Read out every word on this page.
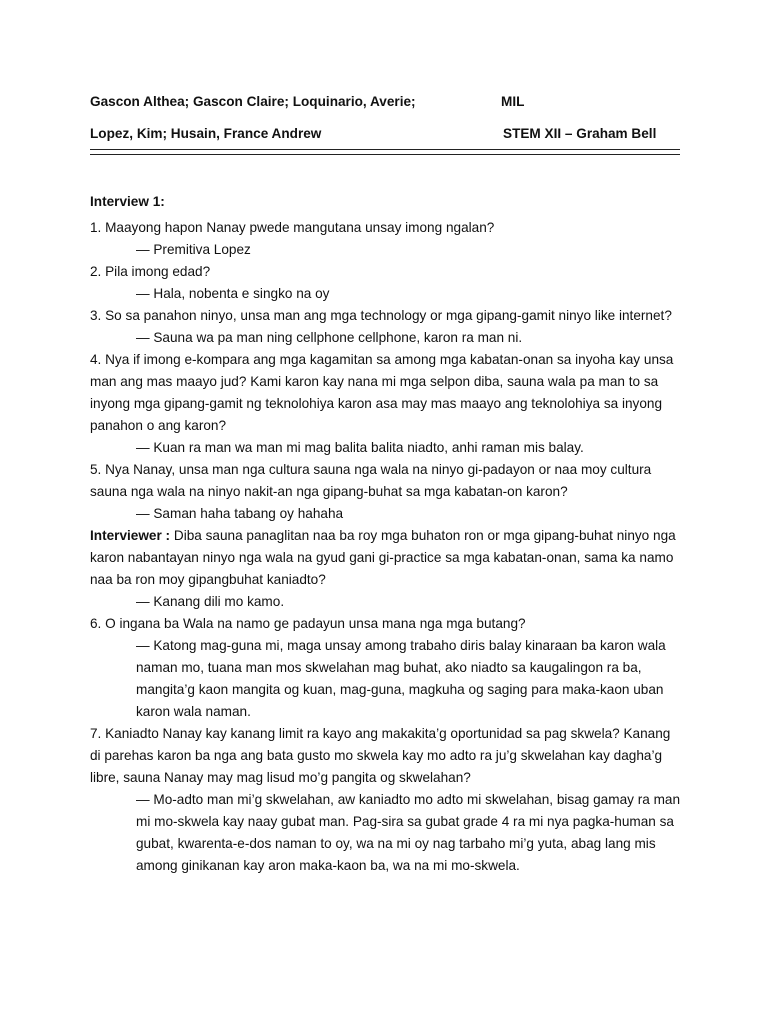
Gascon Althea; Gascon Claire; Loquinario, Averie;	MIL
Lopez, Kim; Husain, France Andrew	STEM XII – Graham Bell

Interview 1:

1. Maayong hapon Nanay pwede mangutana unsay imong ngalan?

— Premitiva Lopez

2. Pila imong edad?

— Hala, nobenta e singko na oy

3. So sa panahon ninyo, unsa man ang mga technology or mga gipang-gamit ninyo like internet?

— Sauna wa pa man ning cellphone cellphone, karon ra man ni.

4. Nya if imong e-kompara ang mga kagamitan sa among mga kabatan-onan sa inyoha kay unsa man ang mas maayo jud? Kami karon kay nana mi mga selpon diba, sauna wala pa man to sa inyong mga gipang-gamit ng teknolohiya karon asa may mas maayo ang teknolohiya sa inyong panahon o ang karon?

— Kuan ra man wa man mi mag balita balita niadto, anhi raman mis balay.

5. Nya Nanay, unsa man nga cultura sauna nga wala na ninyo gi-padayon or naa moy cultura sauna nga wala na ninyo nakit-an nga gipang-buhat sa mga kabatan-on karon?

— Saman haha tabang oy hahaha

Interviewer : Diba sauna panaglitan naa ba roy mga buhaton ron or mga gipang-buhat ninyo nga karon nabantayan ninyo nga wala na gyud gani gi-practice sa mga kabatan-onan, sama ka namo naa ba ron moy gipangbuhat kaniadto?

— Kanang dili mo kamo.

6. O ingana ba Wala na namo ge padayun unsa mana nga mga butang?

— Katong mag-guna mi, maga unsay among trabaho diris balay kinaraan ba karon wala naman mo, tuana man mos skwelahan mag buhat, ako niadto sa kaugalingon ra ba, mangita’g kaon mangita og kuan, mag-guna, magkuha og saging para maka-kaon uban karon wala naman.

7. Kaniadto Nanay kay kanang limit ra kayo ang makakita’g oportunidad sa pag skwela? Kanang di parehas karon ba nga ang bata gusto mo skwela kay mo adto ra ju’g skwelahan kay dagha’g libre, sauna Nanay may mag lisud mo’g pangita og skwelahan?

— Mo-adto man mi’g skwelahan, aw kaniadto mo adto mi skwelahan, bisag gamay ra man mi mo-skwela kay naay gubat man. Pag-sira sa gubat grade 4 ra mi nya pagka-human sa gubat, kwarenta-e-dos naman to oy, wa na mi oy nag tarbaho mi’g yuta, abag lang mis among ginikanan kay aron maka-kaon ba, wa na mi mo-skwela.
